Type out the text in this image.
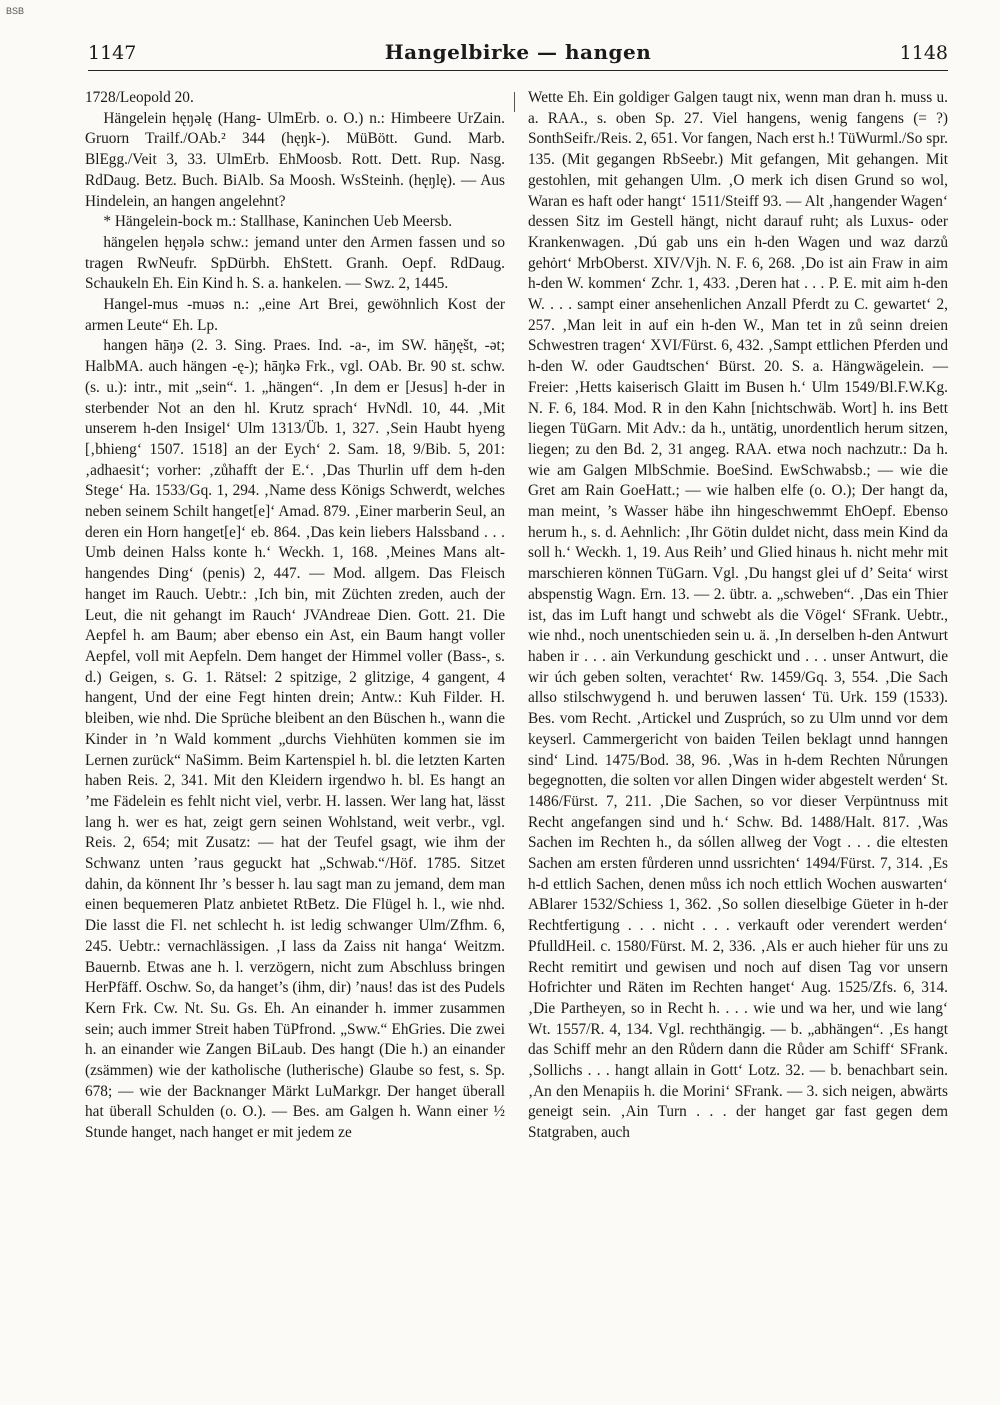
BSB
1147	Hangelbirke — hangen	1148

1728/Leopold 20.

Hängelein hęŋəlę (Hang- UlmErb. o. O.) n.: Himbeere UrZain. Gruorn Trailf./OAb.² 344 (hęŋk-). MüBött. Gund. Marb. BlEgg./Veit 3, 33. UlmErb. EhMoosb. Rott. Dett. Rup. Nasg. RdDaug. Betz. Buch. BiAlb. Sa Moosh. WsSteinh. (hęŋlę). — Aus Hindelein, an hangen angelehnt?

* Hängelein-bock m.: Stallhase, Kaninchen Ueb Meersb.

hängelen hęŋələ schw.: jemand unter den Armen fassen und so tragen RwNeufr. SpDürbh. EhStett. Granh. Oepf. RdDaug. Schaukeln Eh. Ein Kind h. S. a. hankelen. — Swz. 2, 1445.

Hangel-mus -muəs n.: „eine Art Brei, gewöhnlich Kost der armen Leute“ Eh. Lp.

hangen hāŋə (2. 3. Sing. Praes. Ind. -a-, im SW. hāŋęšt, -ət; HalbMA. auch hängen -ę-); hāŋkə Frk., vgl. OAb. Br. 90 st. schw. (s. u.): intr., mit „sein“. 1. „hängen“. ‚In dem er [Jesus] h-der in sterbender Not an den hl. Krutz sprach‘ HvNdl. 10, 44. ‚Mit unserem h-den Insigel‘ Ulm 1313/Üb. 1, 327. ‚Sein Haubt hyeng [‚bhieng‘ 1507. 1518] an der Eych‘ 2. Sam. 18, 9/Bib. 5, 201: ‚adhaesit‘; vorher: ‚zůhafft der E.‘. ‚Das Thurlin uff dem h-den Stege‘ Ha. 1533/Gq. 1, 294. ‚Name dess Königs Schwerdt, welches neben seinem Schilt hanget[e]‘ Amad. 879. ‚Einer marberin Seul, an deren ein Horn hanget[e]‘ eb. 864. ‚Das kein liebers Halssband . . . Umb deinen Halss konte h.‘ Weckh. 1, 168. ‚Meines Mans alt-hangendes Ding‘ (penis) 2, 447. — Mod. allgem. Das Fleisch hanget im Rauch. Uebtr.: ‚Ich bin, mit Züchten zreden, auch der Leut, die nit gehangt im Rauch‘ JVAndreae Dien. Gott. 21. Die Aepfel h. am Baum; aber ebenso ein Ast, ein Baum hangt voller Aepfel, voll mit Aepfeln. Dem hanget der Himmel voller (Bass-, s. d.) Geigen, s. G. 1. Rätsel: 2 spitzige, 2 glitzige, 4 gangent, 4 hangent, Und der eine Fegt hinten drein; Antw.: Kuh Filder. H. bleiben, wie nhd. Die Sprüche bleibent an den Büschen h., wann die Kinder in ’n Wald komment „durchs Viehhüten kommen sie im Lernen zurück“ NaSimm. Beim Kartenspiel h. bl. die letzten Karten haben Reis. 2, 341. Mit den Kleidern irgendwo h. bl. Es hangt an ’me Fädelein es fehlt nicht viel, verbr. H. lassen. Wer lang hat, lässt lang h. wer es hat, zeigt gern seinen Wohlstand, weit verbr., vgl. Reis. 2, 654; mit Zusatz: — hat der Teufel gsagt, wie ihm der Schwanz unten ’raus geguckt hat „Schwab.“/Höf. 1785. Sitzet dahin, da könnent Ihr ’s besser h. lau sagt man zu jemand, dem man einen bequemeren Platz anbietet RtBetz. Die Flügel h. l., wie nhd. Die lasst die Fl. net schlecht h. ist ledig schwanger Ulm/Zfhm. 6, 245. Uebtr.: vernachlässigen. ‚I lass da Zaiss nit hanga‘ Weitzm. Bauernb. Etwas ane h. l. verzögern, nicht zum Abschluss bringen HerPfäff. Oschw. So, da hanget’s (ihm, dir) ’naus! das ist des Pudels Kern Frk. Cw. Nt. Su. Gs. Eh. An einander h. immer zusammen sein; auch immer Streit haben TüPfrond. „Sww.“ EhGries. Die zwei h. an einander wie Zangen BiLaub. Des hangt (Die h.) an einander (zsämmen) wie der katholische (lutherische) Glaube so fest, s. Sp. 678; — wie der Backnanger Märkt LuMarkgr. Der hanget überall hat überall Schulden (o. O.). — Bes. am Galgen h. Wann einer ½ Stunde hanget, nach hanget er mit jedem ze

Wette Eh. Ein goldiger Galgen taugt nix, wenn man dran h. muss u. a. RAA., s. oben Sp. 27. Viel hangens, wenig fangens (= ?) SonthSeifr./Reis. 2, 651. Vor fangen, Nach erst h.! TüWurml./So spr. 135. (Mit gegangen RbSeebr.) Mit gefangen, Mit gehangen. Mit gestohlen, mit gehangen Ulm. ‚O merk ich disen Grund so wol, Waran es haft oder hangt‘ 1511/Steiff 93. — Alt ‚hangender Wagen‘ dessen Sitz im Gestell hängt, nicht darauf ruht; als Luxus- oder Krankenwagen. ‚Dú gab uns ein h-den Wagen und waz darzů gehȯrt‘ MrbOberst. XIV/Vjh. N. F. 6, 268. ‚Do ist ain Fraw in aim h-den W. kommen‘ Zchr. 1, 433. ‚Deren hat . . . P. E. mit aim h-den W. . . . sampt einer ansehenlichen Anzall Pferdt zu C. gewartet‘ 2, 257. ‚Man leit in auf ein h-den W., Man tet in zů seinn dreien Schwestren tragen‘ XVI/Fürst. 6, 432. ‚Sampt ettlichen Pferden und h-den W. oder Gaudtschen‘ Bürst. 20. S. a. Hängwägelein. — Freier: ‚Hetts kaiserisch Glaitt im Busen h.‘ Ulm 1549/Bl.F.W.Kg. N. F. 6, 184. Mod. R in den Kahn [nichtschwäb. Wort] h. ins Bett liegen TüGarn. Mit Adv.: da h., untätig, unordentlich herum sitzen, liegen; zu den Bd. 2, 31 angeg. RAA. etwa noch nachzutr.: Da h. wie am Galgen MlbSchmie. BoeSind. EwSchwabsb.; — wie die Gret am Rain GoeHatt.; — wie halben elfe (o. O.); Der hangt da, man meint, ’s Wasser häbe ihn hingeschwemmt EhOepf. Ebenso herum h., s. d. Aehnlich: ‚Ihr Götin duldet nicht, dass mein Kind da soll h.‘ Weckh. 1, 19. Aus Reih’ und Glied hinaus h. nicht mehr mit marschieren können TüGarn. Vgl. ‚Du hangst glei uf d’ Seita‘ wirst abspenstig Wagn. Ern. 13. — 2. übtr. a. „schweben“. ‚Das ein Thier ist, das im Luft hangt und schwebt als die Vögel‘ SFrank. Uebtr., wie nhd., noch unentschieden sein u. ä. ‚In derselben h-den Antwurt haben ir . . . ain Verkundung geschickt und . . . unser Antwurt, die wir úch geben solten, verachtet‘ Rw. 1459/Gq. 3, 554. ‚Die Sach allso stilschwygend h. und beruwen lassen‘ Tü. Urk. 159 (1533). Bes. vom Recht. ‚Artickel und Zusprúch, so zu Ulm unnd vor dem keyserl. Cammergericht von baiden Teilen beklagt unnd hanngen sind‘ Lind. 1475/Bod. 38, 96. ‚Was in h-dem Rechten Nůrungen begegnotten, die solten vor allen Dingen wider abgestelt werden‘ St. 1486/Fürst. 7, 211. ‚Die Sachen, so vor dieser Verpüntnuss mit Recht angefangen sind und h.‘ Schw. Bd. 1488/Halt. 817. ‚Was Sachen im Rechten h., da sóllen allweg der Vogt . . . die eltesten Sachen am ersten fůrderen unnd ussrichten‘ 1494/Fürst. 7, 314. ‚Es h-d ettlich Sachen, denen můss ich noch ettlich Wochen auswarten‘ ABlarer 1532/Schiess 1, 362. ‚So sollen dieselbige Güeter in h-der Rechtfertigung . . . nicht . . . verkauft oder verendert werden‘ PfulldHeil. c. 1580/Fürst. M. 2, 336. ‚Als er auch hieher für uns zu Recht remitirt und gewisen und noch auf disen Tag vor unsern Hofrichter und Räten im Rechten hanget‘ Aug. 1525/Zfs. 6, 314. ‚Die Partheyen, so in Recht h. . . . wie und wa her, und wie lang‘ Wt. 1557/R. 4, 134. Vgl. rechthängig. — b. „abhängen“. ‚Es hangt das Schiff mehr an den Růdern dann die Růder am Schiff‘ SFrank. ‚Sollichs . . . hangt allain in Gott‘ Lotz. 32. — b. benachbart sein. ‚An den Menapiis h. die Morini‘ SFrank. — 3. sich neigen, abwärts geneigt sein. ‚Ain Turn . . . der hanget gar fast gegen dem Statgraben, auch
